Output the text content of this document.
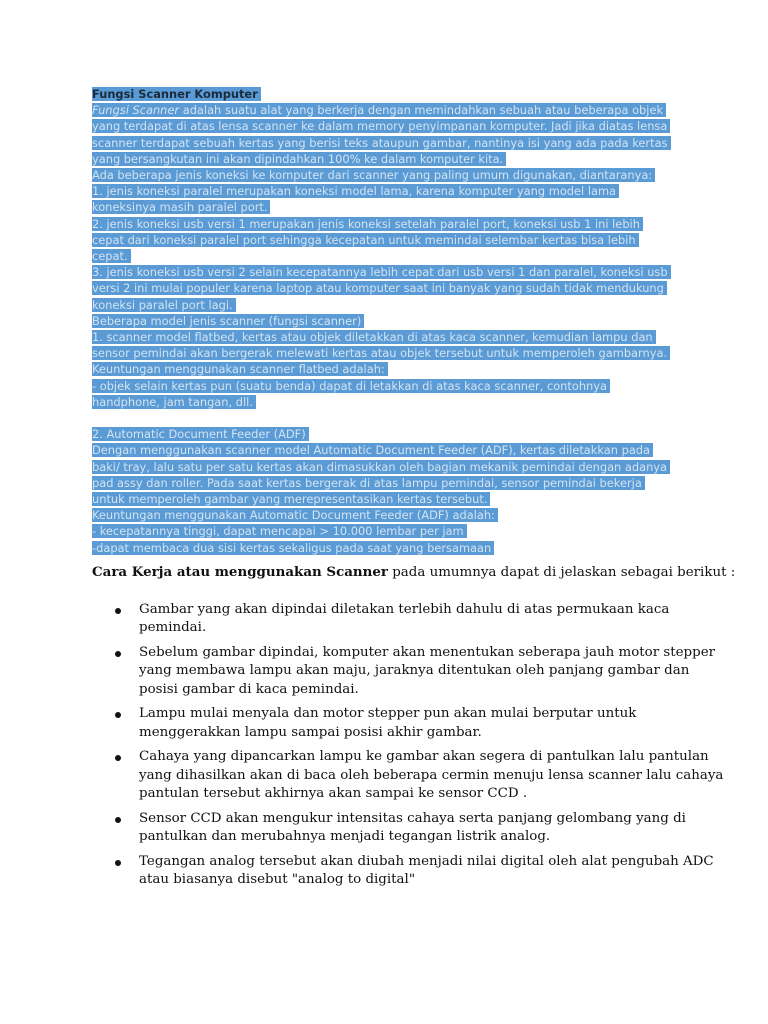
Fungsi Scanner Komputer
Fungsi Scanner adalah suatu alat yang berkerja dengan memindahkan sebuah atau beberapa objek
yang terdapat di atas lensa scanner ke dalam memory penyimpanan komputer. Jadi jika diatas lensa
scanner terdapat sebuah kertas yang berisi teks ataupun gambar, nantinya isi yang ada pada kertas
yang bersangkutan ini akan dipindahkan 100% ke dalam komputer kita.
Ada beberapa jenis koneksi ke komputer dari scanner yang paling umum digunakan, diantaranya:
1. jenis koneksi paralel merupakan koneksi model lama, karena komputer yang model lama
koneksinya masih paralel port.
2. jenis koneksi usb versi 1 merupakan jenis koneksi setelah paralel port, koneksi usb 1 ini lebih
cepat dari koneksi paralel port sehingga kecepatan untuk memindai selembar kertas bisa lebih
cepat.
3. jenis koneksi usb versi 2 selain kecepatannya lebih cepat dari usb versi 1 dan paralel, koneksi usb
versi 2 ini mulai populer karena laptop atau komputer saat ini banyak yang sudah tidak mendukung
koneksi paralel port lagi.
Beberapa model jenis scanner (fungsi scanner)
1. scanner model flatbed, kertas atau objek diletakkan di atas kaca scanner, kemudian lampu dan
sensor pemindai akan bergerak melewati kertas atau objek tersebut untuk memperoleh gambarnya.
Keuntungan menggunakan scanner flatbed adalah:
- objek selain kertas pun (suatu benda) dapat di letakkan di atas kaca scanner, contohnya
handphone, jam tangan, dll.
2. Automatic Document Feeder (ADF)
Dengan menggunakan scanner model Automatic Document Feeder (ADF), kertas diletakkan pada
baki/ tray, lalu satu per satu kertas akan dimasukkan oleh bagian mekanik pemindai dengan adanya
pad assy dan roller. Pada saat kertas bergerak di atas lampu pemindai, sensor pemindai bekerja
untuk memperoleh gambar yang merepresentasikan kertas tersebut.
Keuntungan menggunakan Automatic Document Feeder (ADF) adalah:
- kecepatannya tinggi, dapat mencapai > 10.000 lembar per jam
-dapat membaca dua sisi kertas sekaligus pada saat yang bersamaan

Cara Kerja atau menggunakan Scanner pada umumnya dapat di jelaskan sebagai berikut :

Gambar yang akan dipindai diletakan terlebih dahulu di atas permukaan kaca
pemindai.
Sebelum gambar dipindai, komputer akan menentukan seberapa jauh motor stepper
yang membawa lampu akan maju, jaraknya ditentukan oleh panjang gambar dan
posisi gambar di kaca pemindai.
Lampu mulai menyala dan motor stepper pun akan mulai berputar untuk
menggerakkan lampu sampai posisi akhir gambar.
Cahaya yang dipancarkan lampu ke gambar akan segera di pantulkan lalu pantulan
yang dihasilkan akan di baca oleh beberapa cermin menuju lensa scanner lalu cahaya
pantulan tersebut akhirnya akan sampai ke sensor CCD .
Sensor CCD akan mengukur intensitas cahaya serta panjang gelombang yang di
pantulkan dan merubahnya menjadi tegangan listrik analog.
Tegangan analog tersebut akan diubah menjadi nilai digital oleh alat pengubah ADC
atau biasanya disebut "analog to digital"
